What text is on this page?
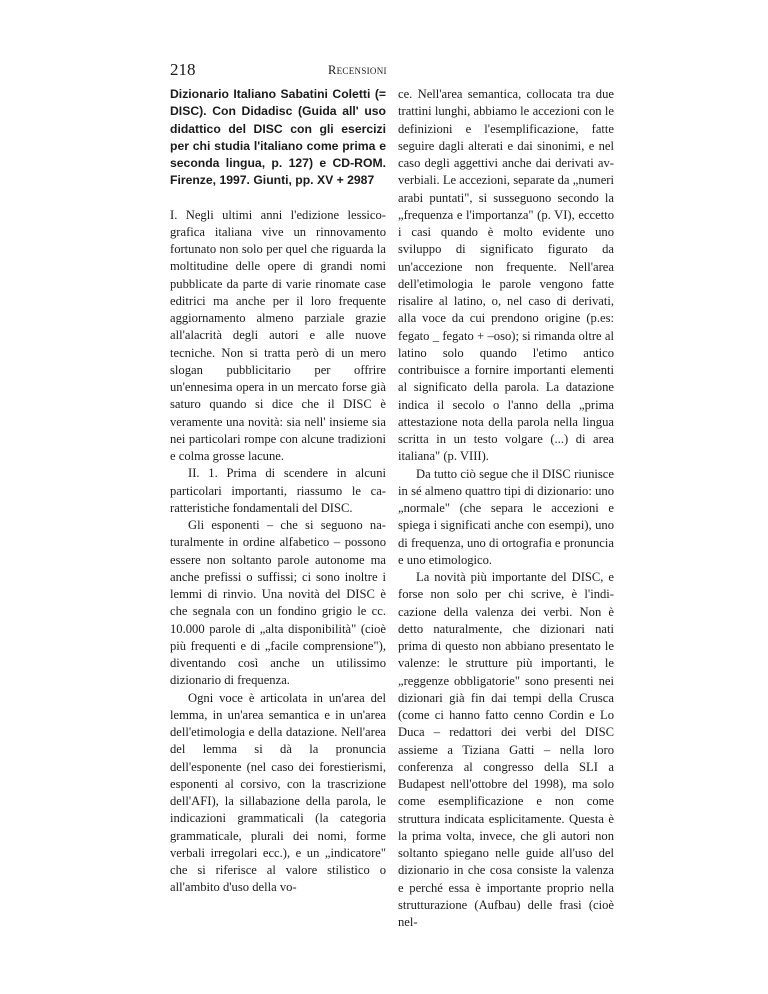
218	Recensioni

Dizionario Italiano Sabatini Coletti (= DISC). Con Didadisc (Guida all' uso didattico del DISC con gli esercizi per chi studia l'italiano come prima e seconda lingua, p. 127) e CD-ROM. Firenze, 1997. Giunti, pp. XV + 2987

I. Negli ultimi anni l'edizione lessicografica italiana vive un rinnovamento fortunato non solo per quel che riguarda la moltitudine delle opere di grandi nomi pubblicate da parte di varie rinomate case editrici ma anche per il loro frequente aggiornamento almeno parziale grazie all'alacrità degli autori e alle nuove tecniche. Non si tratta però di un mero slogan pubblicitario per offrire un'ennesima opera in un mercato forse già saturo quando si dice che il DISC è veramente una novità: sia nell' insieme sia nei particolari rompe con alcune tradizioni e colma grosse lacune.

II. 1. Prima di scendere in alcuni particolari importanti, riassumo le caratteristiche fondamentali del DISC.

Gli esponenti – che si seguono naturalmente in ordine alfabetico – possono essere non soltanto parole autonome ma anche prefissi o suffissi; ci sono inoltre i lemmi di rinvio. Una novità del DISC è che segnala con un fondino grigio le cc. 10.000 parole di „alta disponibilità" (cioè più frequenti e di „facile comprensione"), diventando così anche un utilissimo dizionario di frequenza.

Ogni voce è articolata in un'area del lemma, in un'area semantica e in un'area dell'etimologia e della datazione. Nell'area del lemma si dà la pronuncia dell'esponente (nel caso dei forestierismi, esponenti al corsivo, con la trascrizione dell'AFI), la sillabazione della parola, le indicazioni grammaticali (la categoria grammaticale, plurali dei nomi, forme verbali irregolari ecc.), e un „indicatore" che si riferisce al valore stilistico o all'ambito d'uso della vo-

ce. Nell'area semantica, collocata tra due trattini lunghi, abbiamo le accezioni con le definizioni e l'esemplificazione, fatte seguire dagli alterati e dai sinonimi, e nel caso degli aggettivi anche dai derivati avverbiali. Le accezioni, separate da „numeri arabi puntati", si susseguono secondo la „frequenza e l'importanza" (p. VI), eccetto i casi quando è molto evidente uno sviluppo di significato figurato da un'accezione non frequente. Nell'area dell'etimologia le parole vengono fatte risalire al latino, o, nel caso di derivati, alla voce da cui prendono origine (p.es: fegato _ fegato + –oso); si rimanda oltre al latino solo quando l'etimo antico contribuisce a fornire importanti elementi al significato della parola. La datazione indica il secolo o l'anno della „prima attestazione nota della parola nella lingua scritta in un testo volgare (...) di area italiana" (p. VIII).

Da tutto ciò segue che il DISC riunisce in sé almeno quattro tipi di dizionario: uno „normale" (che separa le accezioni e spiega i significati anche con esempi), uno di frequenza, uno di ortografia e pronuncia e uno etimologico.

La novità più importante del DISC, e forse non solo per chi scrive, è l'indicazione della valenza dei verbi. Non è detto naturalmente, che dizionari nati prima di questo non abbiano presentato le valenze: le strutture più importanti, le „reggenze obbligatorie" sono presenti nei dizionari già fin dai tempi della Crusca (come ci hanno fatto cenno Cordin e Lo Duca – redattori dei verbi del DISC assieme a Tiziana Gatti – nella loro conferenza al congresso della SLI a Budapest nell'ottobre del 1998), ma solo come esemplificazione e non come struttura indicata esplicitamente. Questa è la prima volta, invece, che gli autori non soltanto spiegano nelle guide all'uso del dizionario in che cosa consiste la valenza e perché essa è importante proprio nella strutturazione (Aufbau) delle frasi (cioè nel-
